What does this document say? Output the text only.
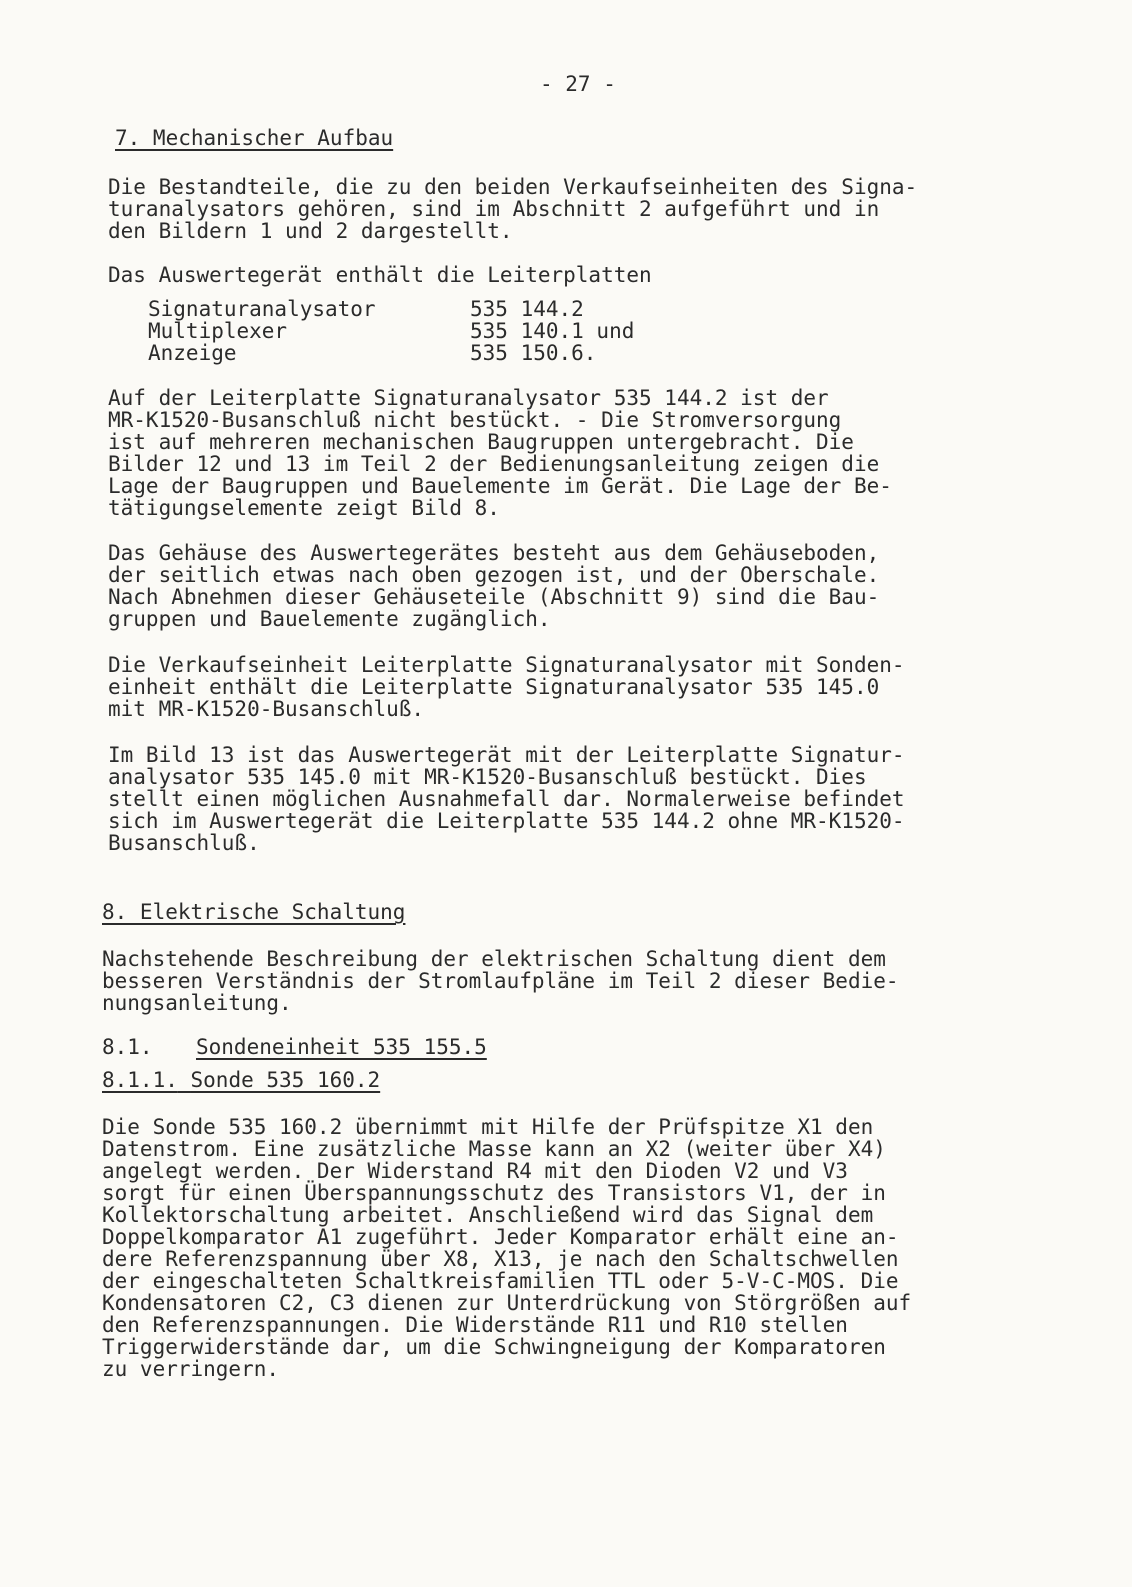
- 27 -
7. Mechanischer Aufbau
Die Bestandteile, die zu den beiden Verkaufseinheiten des Signa-
turanalysators gehören, sind im Abschnitt 2 aufgeführt und in
den Bildern 1 und 2 dargestellt.
Das Auswertegerät enthält die Leiterplatten
Signaturanalysator	535 144.2
Multiplexer	535 140.1 und
Anzeige	535 150.6.
Auf der Leiterplatte Signaturanalysator 535 144.2 ist der
MR-K1520-Busanschluß nicht bestückt. - Die Stromversorgung
ist auf mehreren mechanischen Baugruppen untergebracht. Die
Bilder 12 und 13 im Teil 2 der Bedienungsanleitung zeigen die
Lage der Baugruppen und Bauelemente im Gerät. Die Lage der Be-
tätigungselemente zeigt Bild 8.
Das Gehäuse des Auswertegerätes besteht aus dem Gehäuseboden,
der seitlich etwas nach oben gezogen ist, und der Oberschale.
Nach Abnehmen dieser Gehäuseteile (Abschnitt 9) sind die Bau-
gruppen und Bauelemente zugänglich.
Die Verkaufseinheit Leiterplatte Signaturanalysator mit Sonden-
einheit enthält die Leiterplatte Signaturanalysator 535 145.0
mit MR-K1520-Busanschluß.
Im Bild 13 ist das Auswertegerät mit der Leiterplatte Signatur-
analysator 535 145.0 mit MR-K1520-Busanschluß bestückt. Dies
stellt einen möglichen Ausnahmefall dar. Normalerweise befindet
sich im Auswertegerät die Leiterplatte 535 144.2 ohne MR-K1520-
Busanschluß.
8. Elektrische Schaltung
Nachstehende Beschreibung der elektrischen Schaltung dient dem
besseren Verständnis der Stromlaufpläne im Teil 2 dieser Bedie-
nungsanleitung.
8.1. Sondeneinheit 535 155.5
8.1.1. Sonde 535 160.2
Die Sonde 535 160.2 übernimmt mit Hilfe der Prüfspitze X1 den
Datenstrom. Eine zusätzliche Masse kann an X2 (weiter über X4)
angelegt werden. Der Widerstand R4 mit den Dioden V2 und V3
sorgt für einen Überspannungsschutz des Transistors V1, der in
Kollektorschaltung arbeitet. Anschließend wird das Signal dem
Doppelkomparator A1 zugeführt. Jeder Komparator erhält eine an-
dere Referenzspannung über X8, X13, je nach den Schaltschwellen
der eingeschalteten Schaltkreisfamilien TTL oder 5-V-C-MOS. Die
Kondensatoren C2, C3 dienen zur Unterdrückung von Störgrößen auf
den Referenzspannungen. Die Widerstände R11 und R10 stellen
Triggerwiderstände dar, um die Schwingneigung der Komparatoren
zu verringern.
